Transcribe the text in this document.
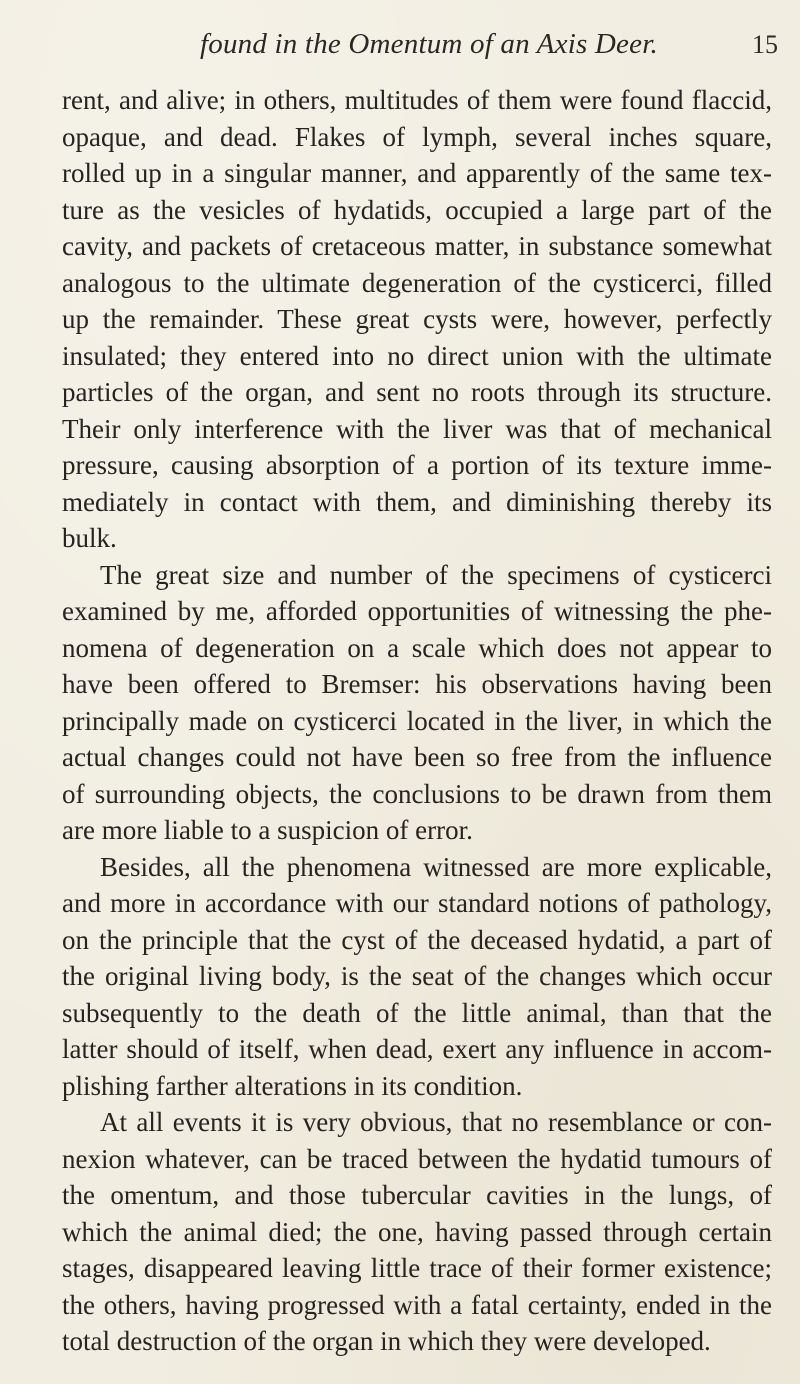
found in the Omentum of an Axis Deer.	15
rent, and alive; in others, multitudes of them were found flaccid,
opaque, and dead. Flakes of lymph, several inches square,
rolled up in a singular manner, and apparently of the same tex-
ture as the vesicles of hydatids, occupied a large part of the
cavity, and packets of cretaceous matter, in substance somewhat
analogous to the ultimate degeneration of the cysticerci, filled
up the remainder. These great cysts were, however, perfectly
insulated; they entered into no direct union with the ultimate
particles of the organ, and sent no roots through its structure.
Their only interference with the liver was that of mechanical
pressure, causing absorption of a portion of its texture imme-
mediately in contact with them, and diminishing thereby its
bulk.
The great size and number of the specimens of cysticerci
examined by me, afforded opportunities of witnessing the phe-
nomena of degeneration on a scale which does not appear to
have been offered to Bremser: his observations having been
principally made on cysticerci located in the liver, in which the
actual changes could not have been so free from the influence
of surrounding objects, the conclusions to be drawn from them
are more liable to a suspicion of error.
Besides, all the phenomena witnessed are more explicable,
and more in accordance with our standard notions of pathology,
on the principle that the cyst of the deceased hydatid, a part of
the original living body, is the seat of the changes which occur
subsequently to the death of the little animal, than that the
latter should of itself, when dead, exert any influence in accom-
plishing farther alterations in its condition.
At all events it is very obvious, that no resemblance or con-
nexion whatever, can be traced between the hydatid tumours of
the omentum, and those tubercular cavities in the lungs, of
which the animal died; the one, having passed through certain
stages, disappeared leaving little trace of their former existence;
the others, having progressed with a fatal certainty, ended in the
total destruction of the organ in which they were developed.
